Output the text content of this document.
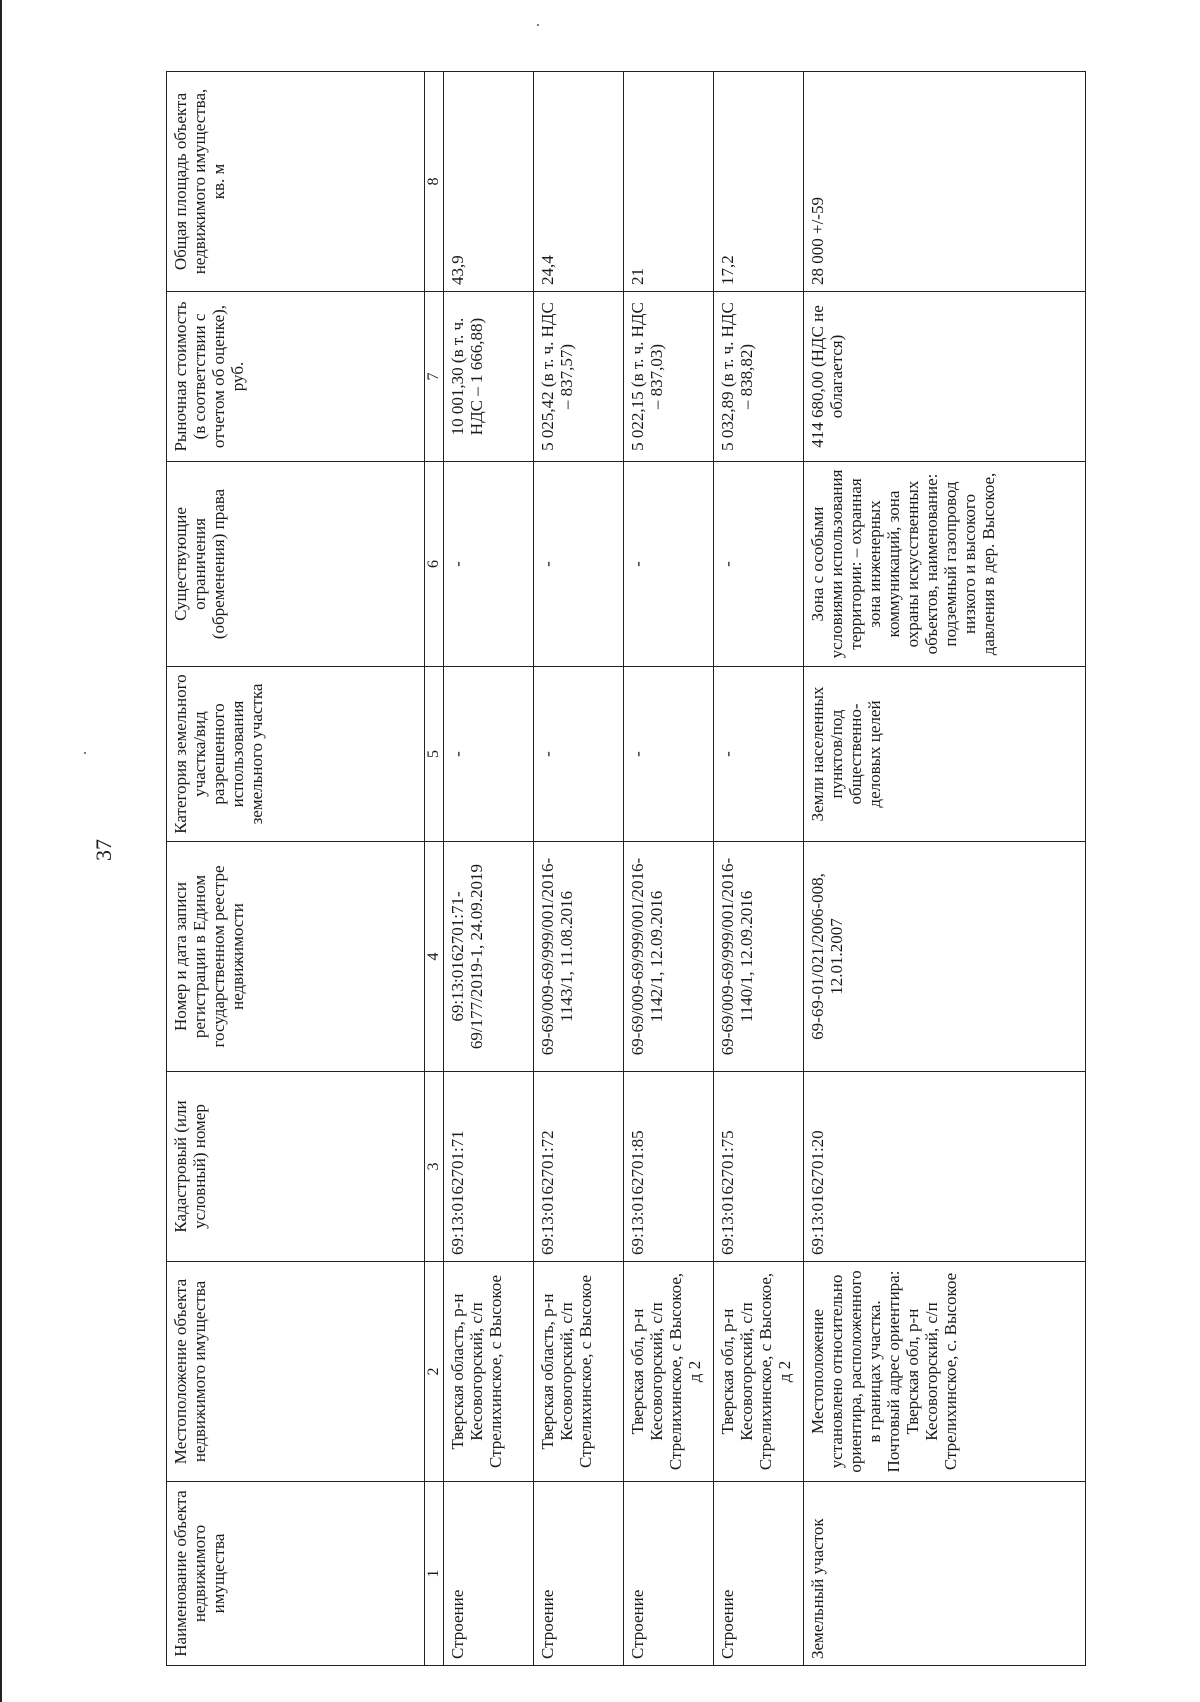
37
Наименование объекта недвижимого имущества	Местоположение объекта недвижимого имущества	Кадастровый (или условный) номер	Номер и дата записи регистрации в Едином государственном реестре недвижимости	Категория земельного участка/вид разрешенного использования земельного участка	Существующие ограничения (обременения) права	Рыночная стоимость (в соответствии с отчетом об оценке), руб.	Общая площадь объекта недвижимого имущества, кв. м
1	2	3	4	5	6	7	8
Строение	Тверская область, р-н Кесовогорский, с/п Стрелихинское, с Высокое	69:13:0162701:71	69:13:0162701:71-69/177/2019-1, 24.09.2019	-	-	10 001,30 (в т. ч. НДС – 1 666,88)	43,9
Строение	Тверская область, р-н Кесовогорский, с/п Стрелихинское, с Высокое	69:13:0162701:72	69-69/009-69/999/001/2016-1143/1, 11.08.2016	-	-	5 025,42 (в т. ч. НДС – 837,57)	24,4
Строение	Тверская обл, р-н Кесовогорский, с/п Стрелихинское, с Высокое, д 2	69:13:0162701:85	69-69/009-69/999/001/2016-1142/1, 12.09.2016	-	-	5 022,15 (в т. ч. НДС – 837,03)	21
Строение	Тверская обл, р-н Кесовогорский, с/п Стрелихинское, с Высокое, д 2	69:13:0162701:75	69-69/009-69/999/001/2016-1140/1, 12.09.2016	-	-	5 032,89 (в т. ч. НДС – 838,82)	17,2
Земельный участок	Местоположение установлено относительно ориентира, расположенного в границах участка. Почтовый адрес ориентира: Тверская обл, р-н Кесовогорский, с/п Стрелихинское, с. Высокое	69:13:0162701:20	69-69-01/021/2006-008, 12.01.2007	Земли населенных пунктов/под общественно-деловых целей	Зона с особыми условиями использования территории: – охранная зона инженерных коммуникаций, зона охраны искусственных объектов, наименование: подземный газопровод низкого и высокого давления в дер. Высокое,	414 680,00 (НДС не облагается)	28 000 +/-59
